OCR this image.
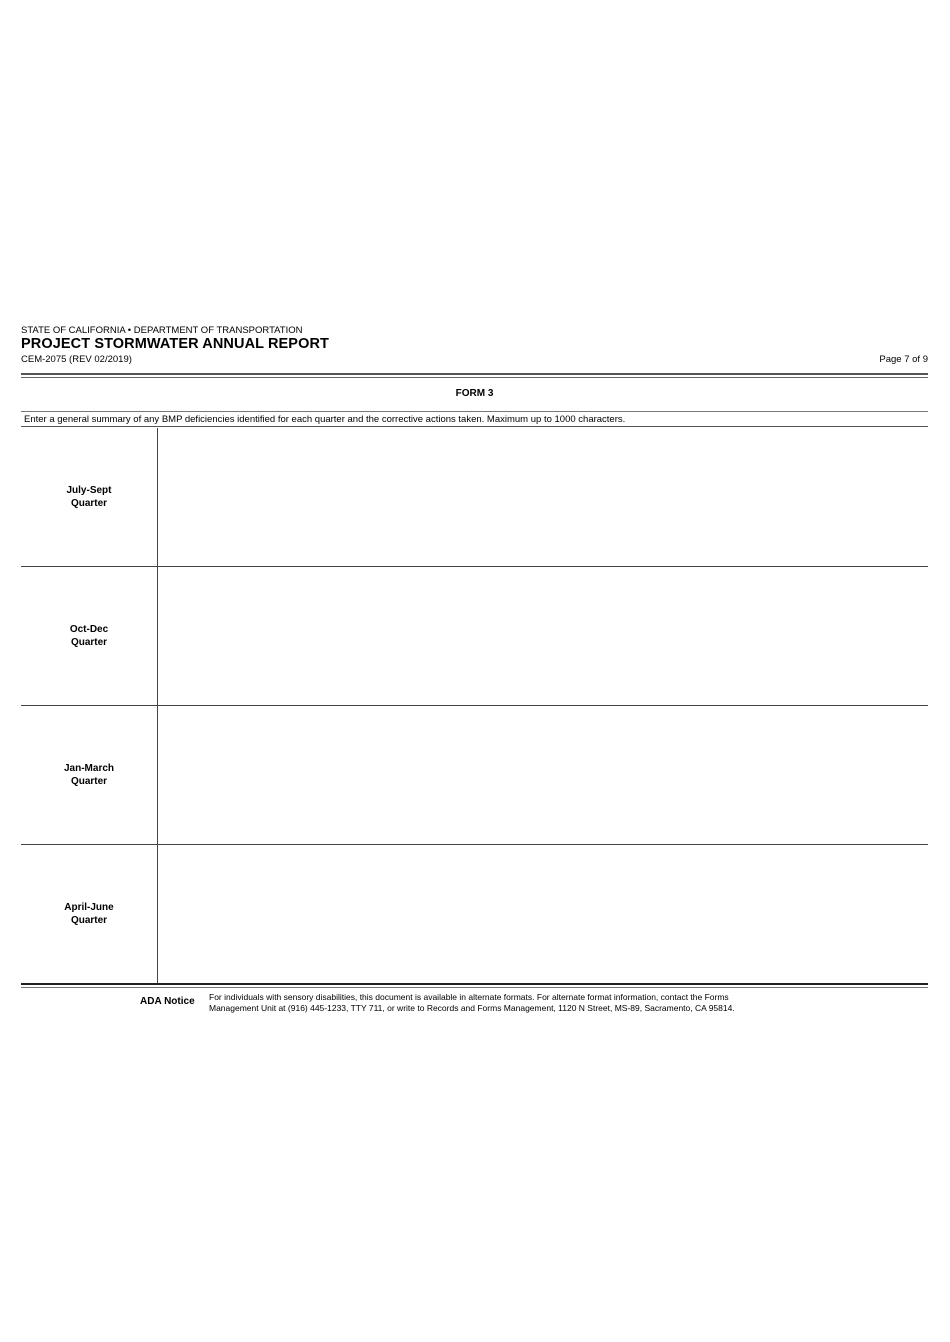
STATE OF CALIFORNIA • DEPARTMENT OF TRANSPORTATION
PROJECT STORMWATER ANNUAL REPORT
CEM-2075 (REV 02/2019)	Page 7 of 9
FORM 3
Enter a general summary of any BMP deficiencies identified for each quarter and the corrective actions taken. Maximum up to 1000 characters.
July-Sept
Quarter
Oct-Dec
Quarter
Jan-March
Quarter
April-June
Quarter
ADA Notice For individuals with sensory disabilities, this document is available in alternate formats. For alternate format information, contact the Forms
Management Unit at (916) 445-1233, TTY 711, or write to Records and Forms Management, 1120 N Street, MS-89, Sacramento, CA 95814.
